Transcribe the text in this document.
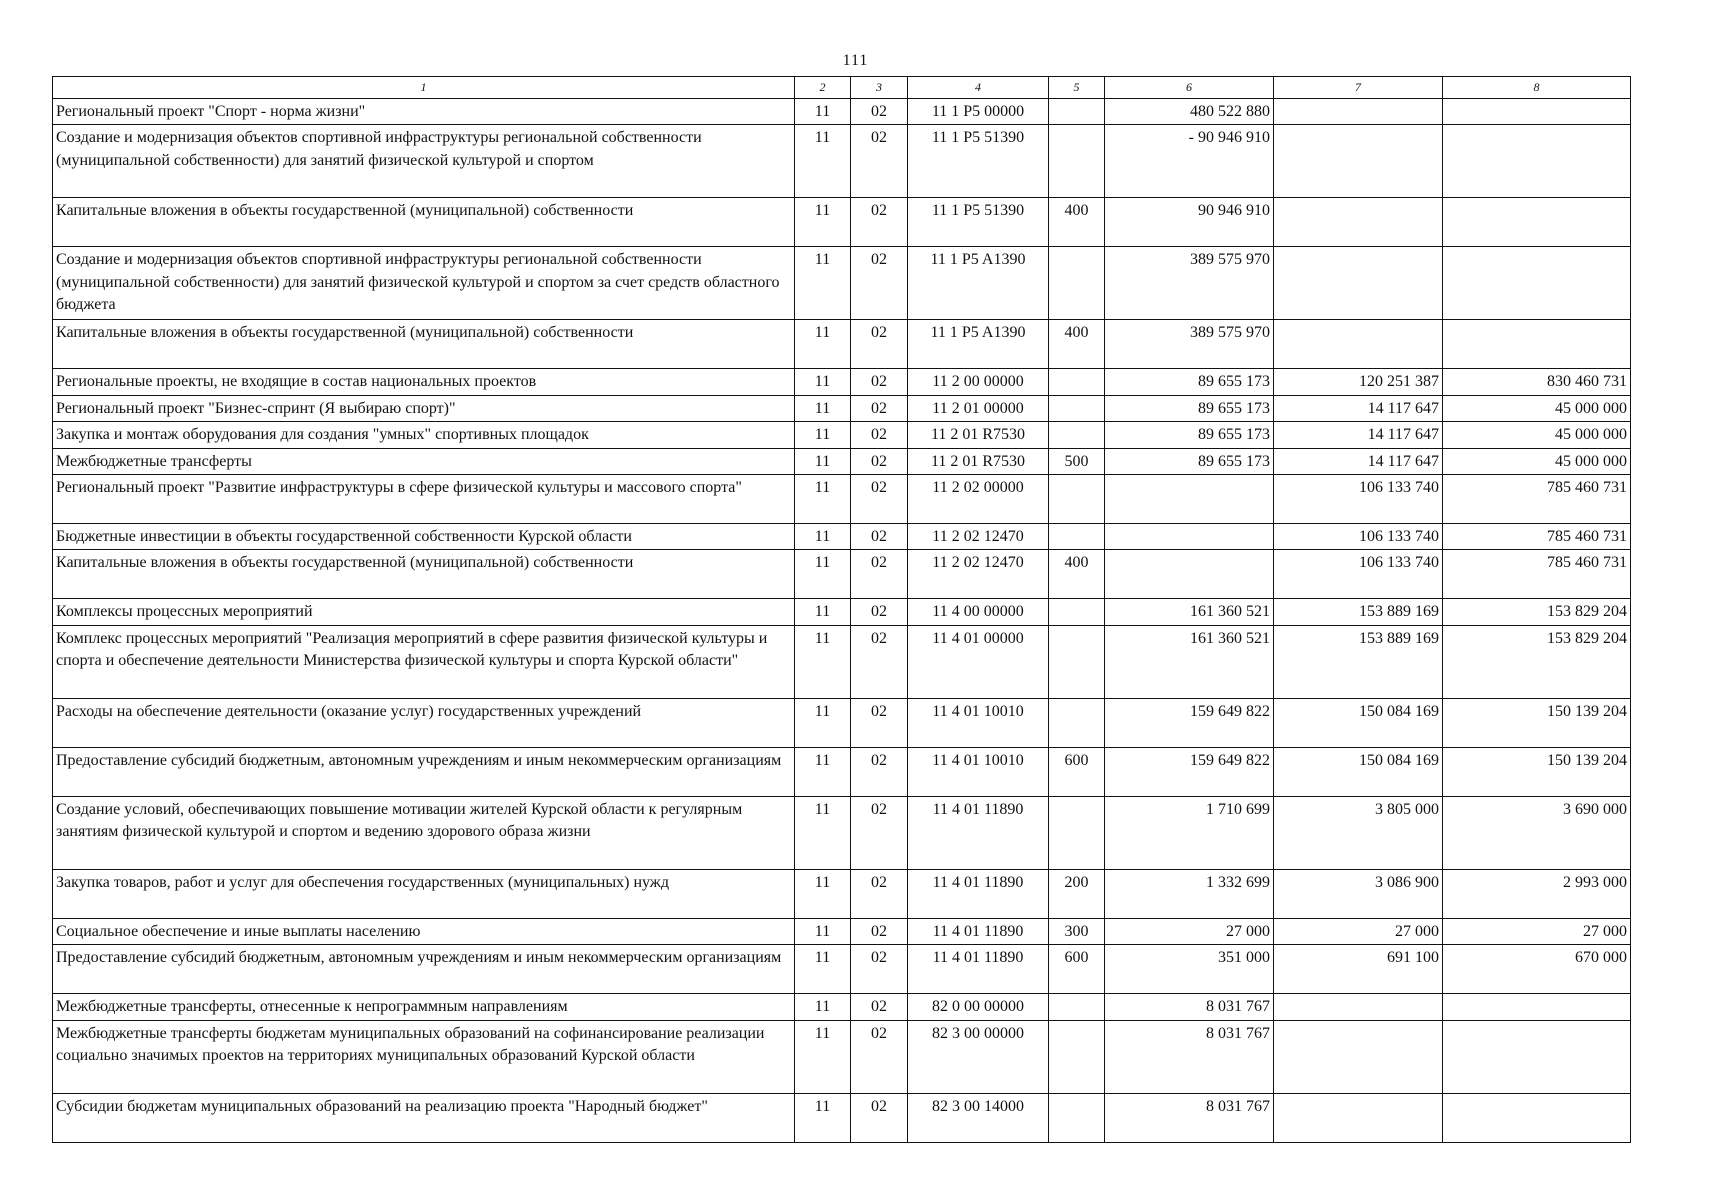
111
1	2	3	4	5	6	7	8
Региональный проект "Спорт - норма жизни"	11	02	11 1 P5 00000		480 522 880		
Создание и модернизация объектов спортивной инфраструктуры региональной собственности (муниципальной собственности) для занятий физической культурой и спортом	11	02	11 1 P5 51390		- 90 946 910		
Капитальные вложения в объекты государственной (муниципальной) собственности	11	02	11 1 P5 51390	400	90 946 910		
Создание и модернизация объектов спортивной инфраструктуры региональной собственности (муниципальной собственности) для занятий физической культурой и спортом за счет средств областного бюджета	11	02	11 1 P5 A1390		389 575 970		
Капитальные вложения в объекты государственной (муниципальной) собственности	11	02	11 1 P5 A1390	400	389 575 970		
Региональные проекты, не входящие в состав национальных проектов	11	02	11 2 00 00000		89 655 173	120 251 387	830 460 731
Региональный проект "Бизнес-спринт (Я выбираю спорт)"	11	02	11 2 01 00000		89 655 173	14 117 647	45 000 000
Закупка и монтаж оборудования для создания "умных" спортивных площадок	11	02	11 2 01 R7530		89 655 173	14 117 647	45 000 000
Межбюджетные трансферты	11	02	11 2 01 R7530	500	89 655 173	14 117 647	45 000 000
Региональный проект "Развитие инфраструктуры в сфере физической культуры и массового спорта"	11	02	11 2 02 00000			106 133 740	785 460 731
Бюджетные инвестиции в объекты государственной собственности Курской области	11	02	11 2 02 12470			106 133 740	785 460 731
Капитальные вложения в объекты государственной (муниципальной) собственности	11	02	11 2 02 12470	400		106 133 740	785 460 731
Комплексы процессных мероприятий	11	02	11 4 00 00000		161 360 521	153 889 169	153 829 204
Комплекс процессных мероприятий "Реализация мероприятий в сфере развития физической культуры и спорта и обеспечение деятельности Министерства физической культуры и спорта Курской области"	11	02	11 4 01 00000		161 360 521	153 889 169	153 829 204
Расходы на обеспечение деятельности (оказание услуг) государственных учреждений	11	02	11 4 01 10010		159 649 822	150 084 169	150 139 204
Предоставление субсидий бюджетным, автономным учреждениям и иным некоммерческим организациям	11	02	11 4 01 10010	600	159 649 822	150 084 169	150 139 204
Создание условий, обеспечивающих повышение мотивации жителей Курской области к регулярным занятиям физической культурой и спортом и ведению здорового образа жизни	11	02	11 4 01 11890		1 710 699	3 805 000	3 690 000
Закупка товаров, работ и услуг для обеспечения государственных (муниципальных) нужд	11	02	11 4 01 11890	200	1 332 699	3 086 900	2 993 000
Социальное обеспечение и иные выплаты населению	11	02	11 4 01 11890	300	27 000	27 000	27 000
Предоставление субсидий бюджетным, автономным учреждениям и иным некоммерческим организациям	11	02	11 4 01 11890	600	351 000	691 100	670 000
Межбюджетные трансферты, отнесенные к непрограммным направлениям	11	02	82 0 00 00000		8 031 767		
Межбюджетные трансферты бюджетам муниципальных образований на софинансирование реализации социально значимых проектов на территориях муниципальных образований Курской области	11	02	82 3 00 00000		8 031 767		
Субсидии бюджетам муниципальных образований на реализацию проекта "Народный бюджет"	11	02	82 3 00 14000		8 031 767		
